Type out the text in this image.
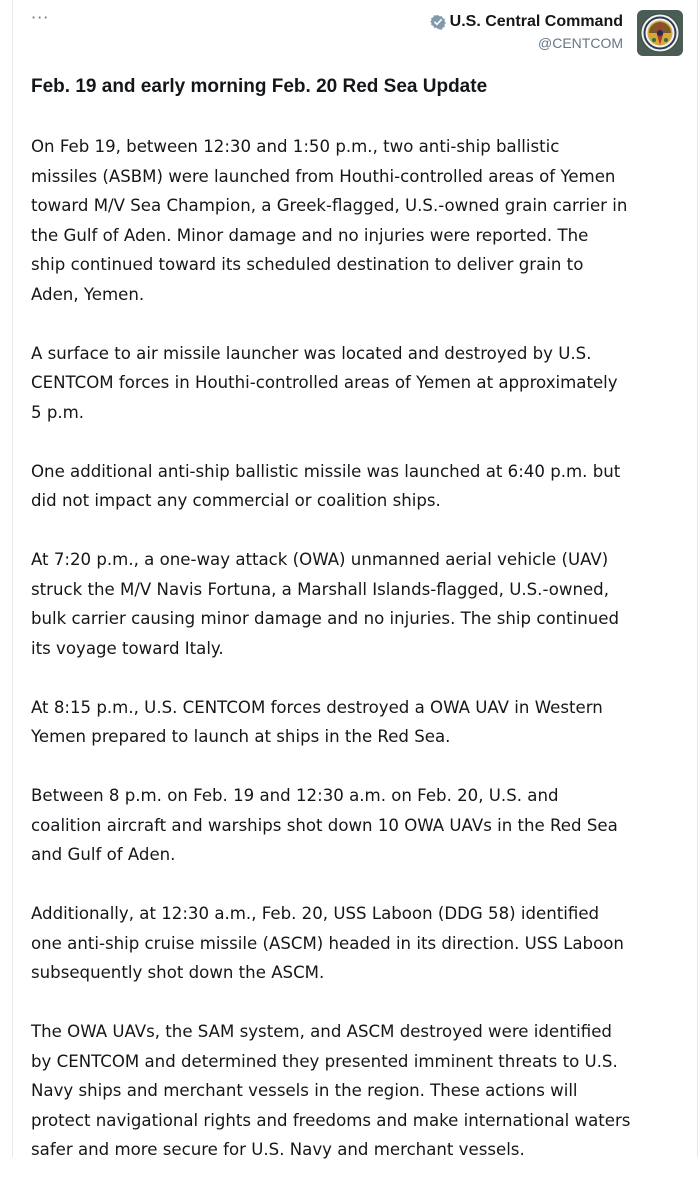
···	U.S. Central Command
@CENTCOM
Feb. 19 and early morning Feb. 20 Red Sea Update

On Feb 19, between 12:30 and 1:50 p.m., two anti-ship ballistic
missiles (ASBM) were launched from Houthi-controlled areas of Yemen
toward M/V Sea Champion, a Greek-flagged, U.S.-owned grain carrier in
the Gulf of Aden. Minor damage and no injuries were reported. The
ship continued toward its scheduled destination to deliver grain to
Aden, Yemen.

A surface to air missile launcher was located and destroyed by U.S.
CENTCOM forces in Houthi-controlled areas of Yemen at approximately
5 p.m.

One additional anti-ship ballistic missile was launched at 6:40 p.m. but
did not impact any commercial or coalition ships.

At 7:20 p.m., a one-way attack (OWA) unmanned aerial vehicle (UAV)
struck the M/V Navis Fortuna, a Marshall Islands-flagged, U.S.-owned,
bulk carrier causing minor damage and no injuries. The ship continued
its voyage toward Italy.

At 8:15 p.m., U.S. CENTCOM forces destroyed a OWA UAV in Western
Yemen prepared to launch at ships in the Red Sea.

Between 8 p.m. on Feb. 19 and 12:30 a.m. on Feb. 20, U.S. and
coalition aircraft and warships shot down 10 OWA UAVs in the Red Sea
and Gulf of Aden.

Additionally, at 12:30 a.m., Feb. 20, USS Laboon (DDG 58) identified
one anti-ship cruise missile (ASCM) headed in its direction. USS Laboon
subsequently shot down the ASCM.

The OWA UAVs, the SAM system, and ASCM destroyed were identified
by CENTCOM and determined they presented imminent threats to U.S.
Navy ships and merchant vessels in the region. These actions will
protect navigational rights and freedoms and make international waters
safer and more secure for U.S. Navy and merchant vessels.
